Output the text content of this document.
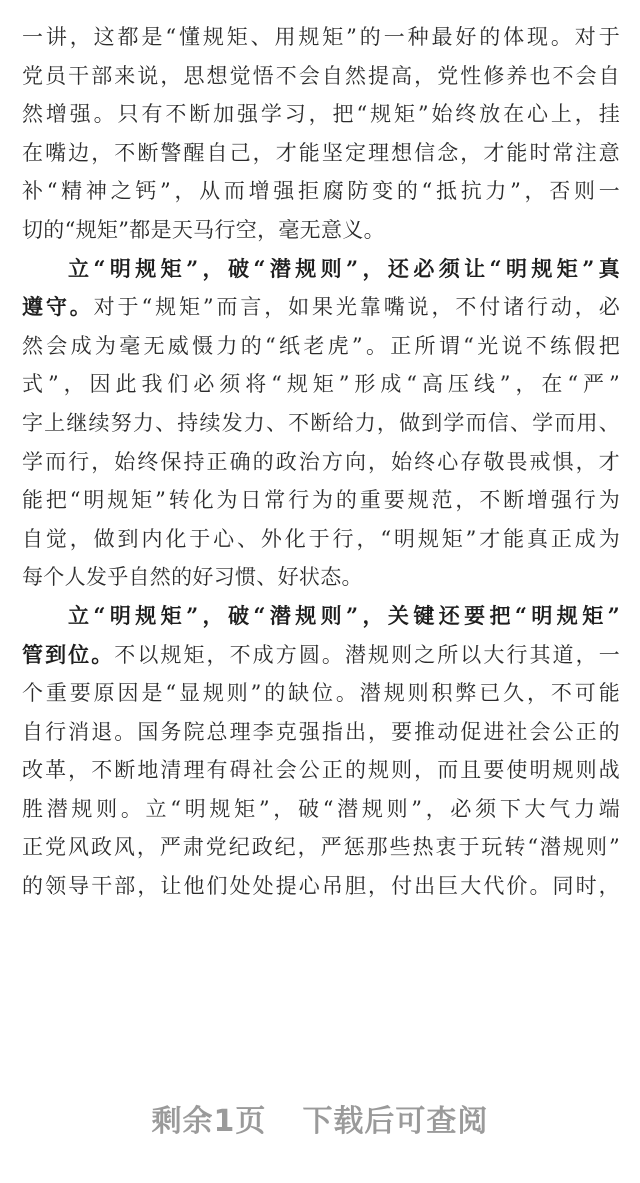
一讲，这都是“懂规矩、用规矩”的一种最好的体现。对于
党员干部来说，思想觉悟不会自然提高，党性修养也不会自
然增强。只有不断加强学习，把“规矩”始终放在心上，挂
在嘴边，不断警醒自己，才能坚定理想信念，才能时常注意
补“精神之钙”，从而增强拒腐防变的“抵抗力”，否则一
切的“规矩”都是天马行空，毫无意义。
立“明规矩”，破“潜规则”，还必须让“明规矩”真
遵守。对于“规矩”而言，如果光靠嘴说，不付诸行动，必
然会成为毫无威慑力的“纸老虎”。正所谓“光说不练假把
式”，因此我们必须将“规矩”形成“高压线”，在“严”
字上继续努力、持续发力、不断给力，做到学而信、学而用、
学而行，始终保持正确的政治方向，始终心存敬畏戒惧，才
能把“明规矩”转化为日常行为的重要规范，不断增强行为
自觉，做到内化于心、外化于行，“明规矩”才能真正成为
每个人发乎自然的好习惯、好状态。
立“明规矩”，破“潜规则”，关键还要把“明规矩”
管到位。不以规矩，不成方圆。潜规则之所以大行其道，一
个重要原因是“显规则”的缺位。潜规则积弊已久，不可能
自行消退。国务院总理李克强指出，要推动促进社会公正的
改革，不断地清理有碍社会公正的规则，而且要使明规则战
胜潜规则。立“明规矩”，破“潜规则”，必须下大气力端
正党风政风，严肃党纪政纪，严惩那些热衷于玩转“潜规则”
的领导干部，让他们处处提心吊胆，付出巨大代价。同时，
剩余1页 下载后可查阅
